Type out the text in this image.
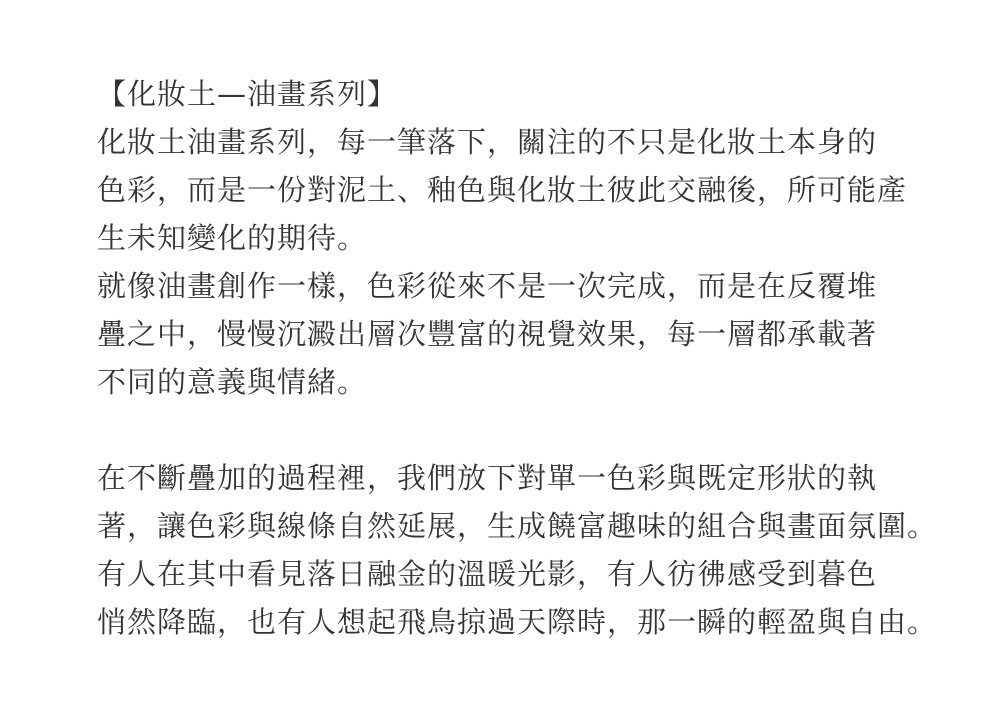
【化妝土—油畫系列】
化妝土油畫系列，每一筆落下，關注的不只是化妝土本身的
色彩，而是一份對泥土、釉色與化妝土彼此交融後，所可能產
生未知變化的期待。
就像油畫創作一樣，色彩從來不是一次完成，而是在反覆堆
疊之中，慢慢沉澱出層次豐富的視覺效果，每一層都承載著
不同的意義與情緒。
在不斷疊加的過程裡，我們放下對單一色彩與既定形狀的執
著，讓色彩與線條自然延展，生成饒富趣味的組合與畫面氛圍。
有人在其中看見落日融金的溫暖光影，有人彷彿感受到暮色
悄然降臨，也有人想起飛鳥掠過天際時，那一瞬的輕盈與自由。
